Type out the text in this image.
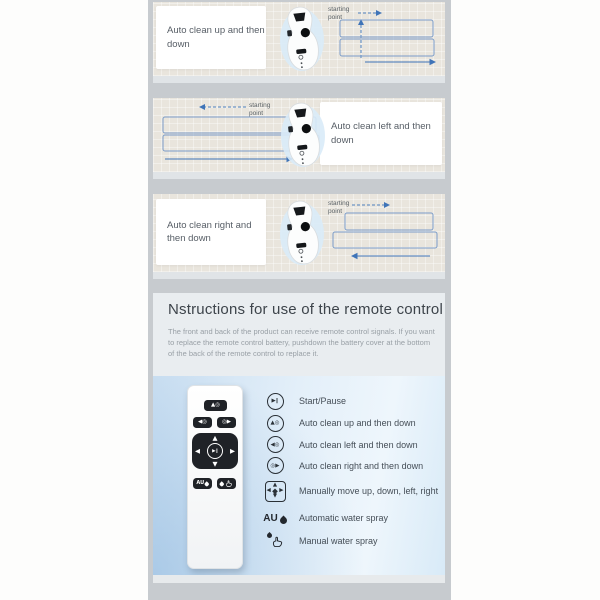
Auto clean up and then down
starting point
starting point
Auto clean left and then down
Auto clean right and then down
starting point
Nstructions for use of the remote control
The front and back of the product can receive remote control signals. If you want to replace the remote control battery, pushdown the battery cover at the bottom of the back of the remote control to replace it.
▲◎
◀◎	◎▶
▲
▼
◀	▶
▶‖
AU
▶‖ Start/Pause
▲◎ Auto clean up and then down
◀◎ Auto clean left and then down
◎▶ Auto clean right and then down
▲
▼
◀ ▶ Manually move up, down, left, right
AU Automatic water spray
Manual water spray
